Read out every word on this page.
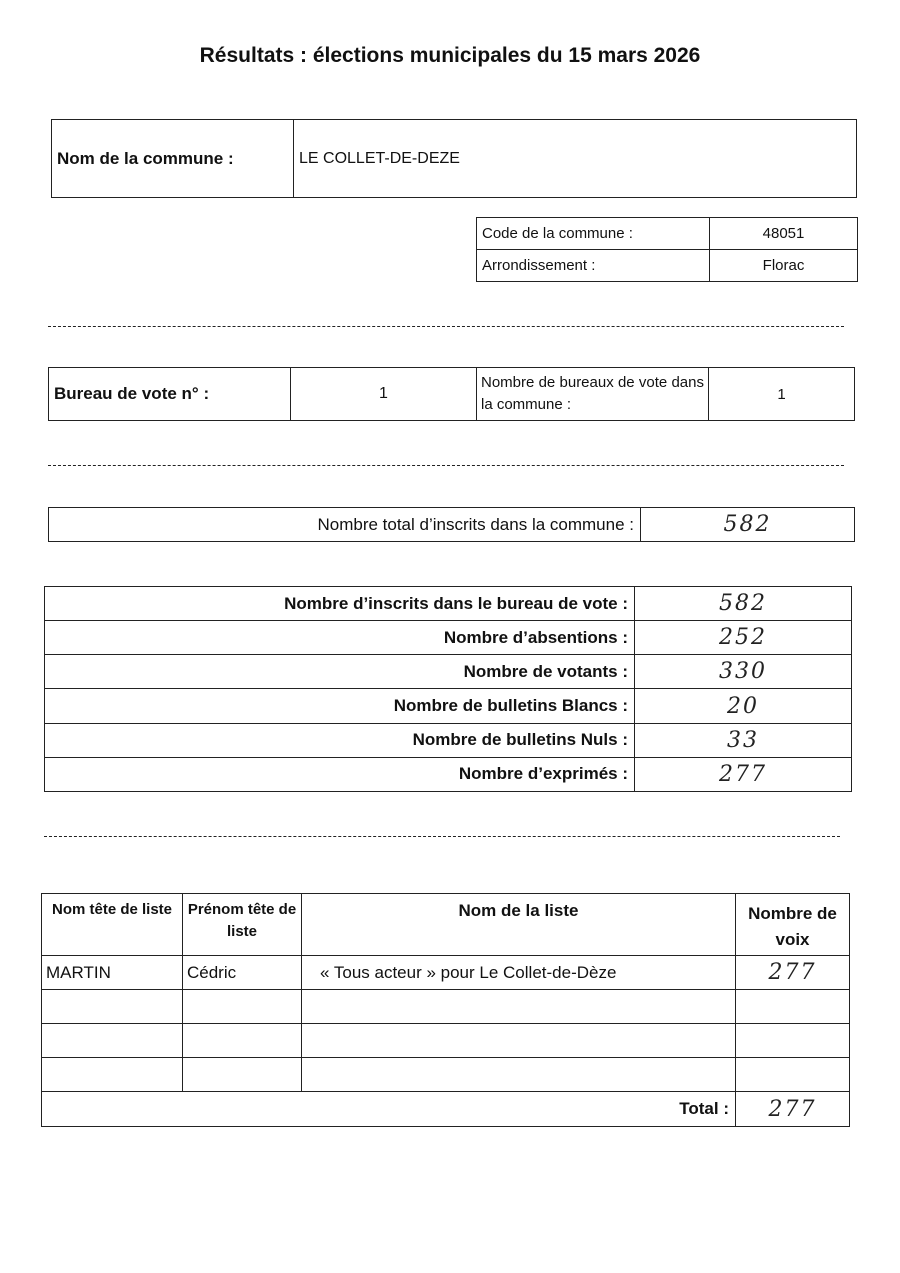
Résultats : élections municipales du 15 mars 2026
Nom de la commune :	LE COLLET-DE-DEZE
Code de la commune :	48051
Arrondissement :	Florac
Bureau de vote n° :	1	Nombre de bureaux de vote dans la commune :	1
Nombre total d’inscrits dans la commune :	582
Nombre d’inscrits dans le bureau de vote :	582
Nombre d’absentions :	252
Nombre de votants :	330
Nombre de bulletins Blancs :	20
Nombre de bulletins Nuls :	33
Nombre d’exprimés :	277
Nom tête de liste	Prénom tête de liste	Nom de la liste	Nombre de voix
MARTIN	Cédric	« Tous acteur » pour Le Collet-de-Dèze	277

Total :			277
